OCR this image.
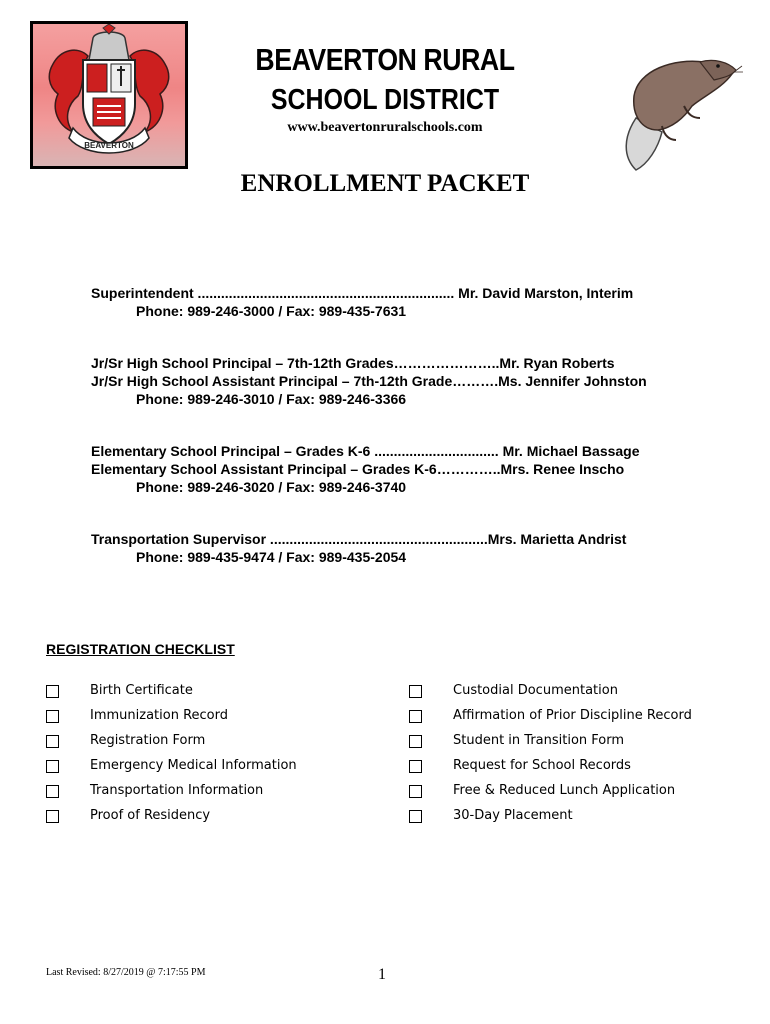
BEAVERTON
BEAVERTON RURAL
SCHOOL DISTRICT
www.beavertonruralschools.com
ENROLLMENT PACKET
Superintendent .................................................................. Mr. David Marston, Interim
Phone: 989-246-3000 / Fax: 989-435-7631
Jr/Sr High School Principal – 7th-12th Grades…………………..Mr. Ryan Roberts
Jr/Sr High School Assistant Principal – 7th-12th Grade……….Ms. Jennifer Johnston
Phone: 989-246-3010 / Fax: 989-246-3366
Elementary School Principal – Grades K-6 ................................ Mr. Michael Bassage
Elementary School Assistant Principal – Grades K-6…………..Mrs. Renee Inscho
Phone: 989-246-3020 / Fax: 989-246-3740
Transportation Supervisor ........................................................Mrs. Marietta Andrist
Phone: 989-435-9474 / Fax: 989-435-2054
REGISTRATION CHECKLIST
Birth Certificate	Custodial Documentation
Immunization Record	Affirmation of Prior Discipline Record
Registration Form	Student in Transition Form
Emergency Medical Information	Request for School Records
Transportation Information	Free & Reduced Lunch Application
Proof of Residency	30-Day Placement
Last Revised: 8/27/2019 @ 7:17:55 PM	1
